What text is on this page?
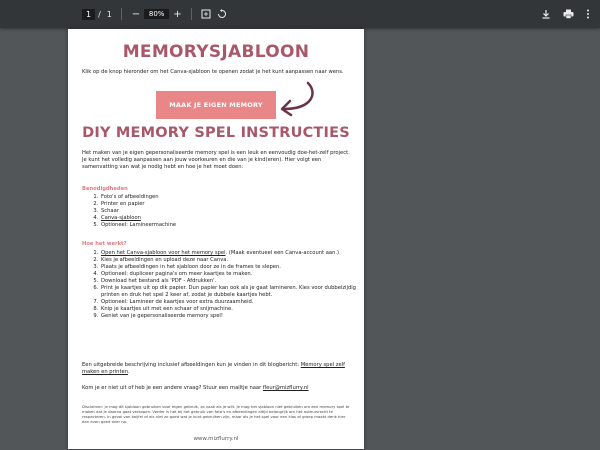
1 / 1	−	80% +
MEMORYSJABLOON
Klik op de knop hieronder om het Canva-sjabloon te openen zodat je het kunt aanpassen naar wens.
MAAK JE EIGEN MEMORY
DIY MEMORY SPEL INSTRUCTIES
Het maken van je eigen gepersonaliseerde memory spel is een leuk en eenvoudig doe-het-zelf project. Je kunt het volledig aanpassen aan jouw voorkeuren en die van je kind(eren). Hier volgt een samenvatting van wat je nodig hebt en hoe je het moet doen:
Benodigdheden
1. Foto's of afbeeldingen
2. Printer en papier
3. Schaar
4. Canva-sjabloon
5. Optioneel: Lamineermachine
Hoe het werkt?
1. Open het Canva-sjabloon voor het memory spel. (Maak eventueel een Canva-account aan.)
2. Kies je afbeeldingen en upload deze naar Canva.
3. Plaats je afbeeldingen in het sjabloon door ze in de frames te slepen.
4. Optioneel: dupliceer pagina's om meer kaartjes te maken.
5. Download het bestand als 'PDF - Afdrukken'.
6. Print je kaartjes uit op dik papier. Dun papier kan ook als je gaat lamineren. Kies voor dubbelzijdig printen en druk het spel 2 keer af, zodat je dubbele kaartjes hebt.
7. Optioneel: Lamineer de kaartjes voor extra duurzaamheid.
8. Knip je kaartjes uit met een schaar of snijmachine.
9. Geniet van je gepersonaliseerde memory spel!
Een uitgebreide beschrijving inclusief afbeeldingen kun je vinden in dit blogbericht: Memory spel zelf maken en printen.
Kom je er niet uit of heb je een andere vraag? Stuur een mailtje naar fleur@mizflurry.nl
Disclaimer: je mag dit sjabloon gebruiken voor eigen gebruik, zo vaak als je wilt. Je mag het sjabloon niet gebruiken om een memory spel te maken dat je daarna gaat verkopen. Verder is het bij het gebruik van foto's en afbeeldingen altijd belangrijk om het auteursrecht te respecteren. In geval van twijfel of als niet zo goed wat je kunt gebruiken zijn, maar als je het spel voor een klas of groep maakt denk hier dan even goed over na.
www.mizflurry.nl
